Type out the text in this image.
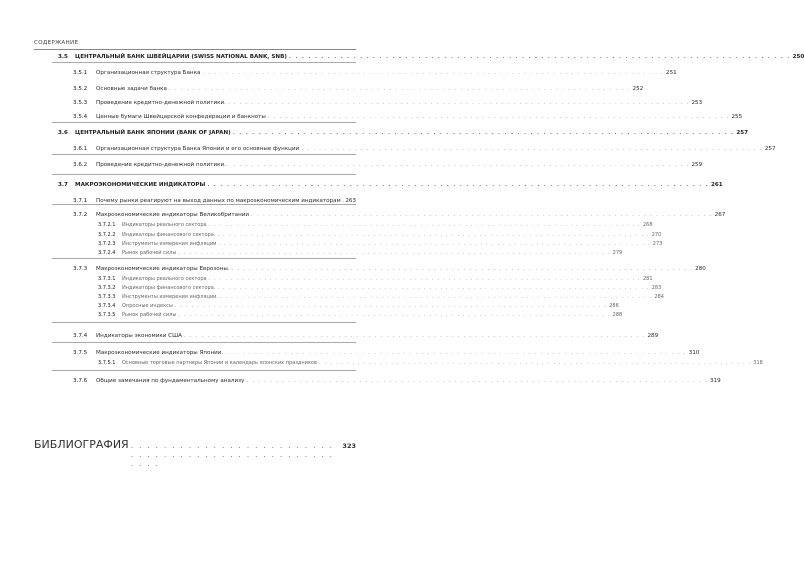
СОДЕРЖАНИЕ
3.5 ЦЕНТРАЛЬНЫЙ БАНК ШВЕЙЦАРИИ (SWISS NATIONAL BANK, SNB) . . . . . . . . . . . . . . . . . . . . . . . . . . . . . . . . . . . . . . . . . . . . . . . . . . . . . . . . . . . . . . . . . . . . . . . . . . . . . . 250
3.5.1 Организационная структура Банка . . . . . . . . . . . . . . . . . . . . . . . . . . . . . . . . . . . . . . . . . . . . . . . . . . . . . . . . . . . . . . . . . . . . . . . . . . . . . . 251
3.5.2 Основные задачи банка . . . . . . . . . . . . . . . . . . . . . . . . . . . . . . . . . . . . . . . . . . . . . . . . . . . . . . . . . . . . . . . . . . . . . . . . . . . . . . 252
3.5.3 Проведение кредитно-денежной политики. . . . . . . . . . . . . . . . . . . . . . . . . . . . . . . . . . . . . . . . . . . . . . . . . . . . . . . . . . . . . . . . . . . . . . . . . . . . . . . 253
3.5.4 Ценные бумаги Швейцарской конфедерации и банкноты . . . . . . . . . . . . . . . . . . . . . . . . . . . . . . . . . . . . . . . . . . . . . . . . . . . . . . . . . . . . . . . . . . . . . . . . . . . . . . 255
3.6 ЦЕНТРАЛЬНЫЙ БАНК ЯПОНИИ (BANK OF JAPAN) . . . . . . . . . . . . . . . . . . . . . . . . . . . . . . . . . . . . . . . . . . . . . . . . . . . . . . . . . . . . . . . . . . . . . . . . . . . . . . 257
3.6.1 Организационная структура Банка Японии и его основные функции . . . . . . . . . . . . . . . . . . . . . . . . . . . . . . . . . . . . . . . . . . . . . . . . . . . . . . . . . . . . . . . . . . . . . . . . . . . . . . 257
3.6.2 Проведение кредитно-денежной политики. . . . . . . . . . . . . . . . . . . . . . . . . . . . . . . . . . . . . . . . . . . . . . . . . . . . . . . . . . . . . . . . . . . . . . . . . . . . . . . 259
3.7 МАКРОЭКОНОМИЧЕСКИЕ ИНДИКАТОРЫ . . . . . . . . . . . . . . . . . . . . . . . . . . . . . . . . . . . . . . . . . . . . . . . . . . . . . . . . . . . . . . . . . . . . . . . . . . . . . . 261
3.7.1 Почему рынки реагируют на выход данных по макроэкономическим индикаторам 263
3.7.2 Макроэкономические индикаторы Великобритании . . . . . . . . . . . . . . . . . . . . . . . . . . . . . . . . . . . . . . . . . . . . . . . . . . . . . . . . . . . . . . . . . . . . . . . . . . . . . . 267
3.7.2.1 Индикаторы реального сектора . . . . . . . . . . . . . . . . . . . . . . . . . . . . . . . . . . . . . . . . . . . . . . . . . . . . . . . . . . . . . . . . . . . . . . . . . . . . . . 268
3.7.2.2 Индикаторы финансового сектора. . . . . . . . . . . . . . . . . . . . . . . . . . . . . . . . . . . . . . . . . . . . . . . . . . . . . . . . . . . . . . . . . . . . . . . . . . . . . . . 270
3.7.2.3 Инструменты измерения инфляции . . . . . . . . . . . . . . . . . . . . . . . . . . . . . . . . . . . . . . . . . . . . . . . . . . . . . . . . . . . . . . . . . . . . . . . . . . . . . . 273
3.7.2.4 Рынок рабочей силы . . . . . . . . . . . . . . . . . . . . . . . . . . . . . . . . . . . . . . . . . . . . . . . . . . . . . . . . . . . . . . . . . . . . . . . . . . . . . . 279
3.7.3 Макроэкономические индикаторы Еврозоны. . . . . . . . . . . . . . . . . . . . . . . . . . . . . . . . . . . . . . . . . . . . . . . . . . . . . . . . . . . . . . . . . . . . . . . . . . . . . . . 280
3.7.3.1 Индикаторы реального сектора . . . . . . . . . . . . . . . . . . . . . . . . . . . . . . . . . . . . . . . . . . . . . . . . . . . . . . . . . . . . . . . . . . . . . . . . . . . . . . 281
3.7.3.2 Индикаторы финансового сектора. . . . . . . . . . . . . . . . . . . . . . . . . . . . . . . . . . . . . . . . . . . . . . . . . . . . . . . . . . . . . . . . . . . . . . . . . . . . . . . 283
3.7.3.3 Инструменты измерения инфляции. . . . . . . . . . . . . . . . . . . . . . . . . . . . . . . . . . . . . . . . . . . . . . . . . . . . . . . . . . . . . . . . . . . . . . . . . . . . . . . 284
3.7.3.4 Опросные индексы . . . . . . . . . . . . . . . . . . . . . . . . . . . . . . . . . . . . . . . . . . . . . . . . . . . . . . . . . . . . . . . . . . . . . . . . . . . . . . 286
3.7.3.5 Рынок рабочей силы . . . . . . . . . . . . . . . . . . . . . . . . . . . . . . . . . . . . . . . . . . . . . . . . . . . . . . . . . . . . . . . . . . . . . . . . . . . . . . 288
3.7.4 Индикаторы экономики США . . . . . . . . . . . . . . . . . . . . . . . . . . . . . . . . . . . . . . . . . . . . . . . . . . . . . . . . . . . . . . . . . . . . . . . . . . . . . . 289
3.7.5 Макроэкономические индикаторы Японии. . . . . . . . . . . . . . . . . . . . . . . . . . . . . . . . . . . . . . . . . . . . . . . . . . . . . . . . . . . . . . . . . . . . . . . . . . . . . . . 310
3.7.5.1 Основные торговые партнеры Японии и календарь японских праздников . . . . . . . . . . . . . . . . . . . . . . . . . . . . . . . . . . . . . . . . . . . . . . . . . . . . . . . . . . . . . . . . . . . . . . . . . . . . . . 318
3.7.6 Общие замечания по фундаментальному анализу . . . . . . . . . . . . . . . . . . . . . . . . . . . . . . . . . . . . . . . . . . . . . . . . . . . . . . . . . . . . . . . . . . . . . . . . . . . . . . 319
БИБЛИОГРАФИЯ . . . . . . . . . . . . . . . . . . . . . . . . . . . . . . . . . . . . . . . . . . . . . . . . . . . . . .
323
